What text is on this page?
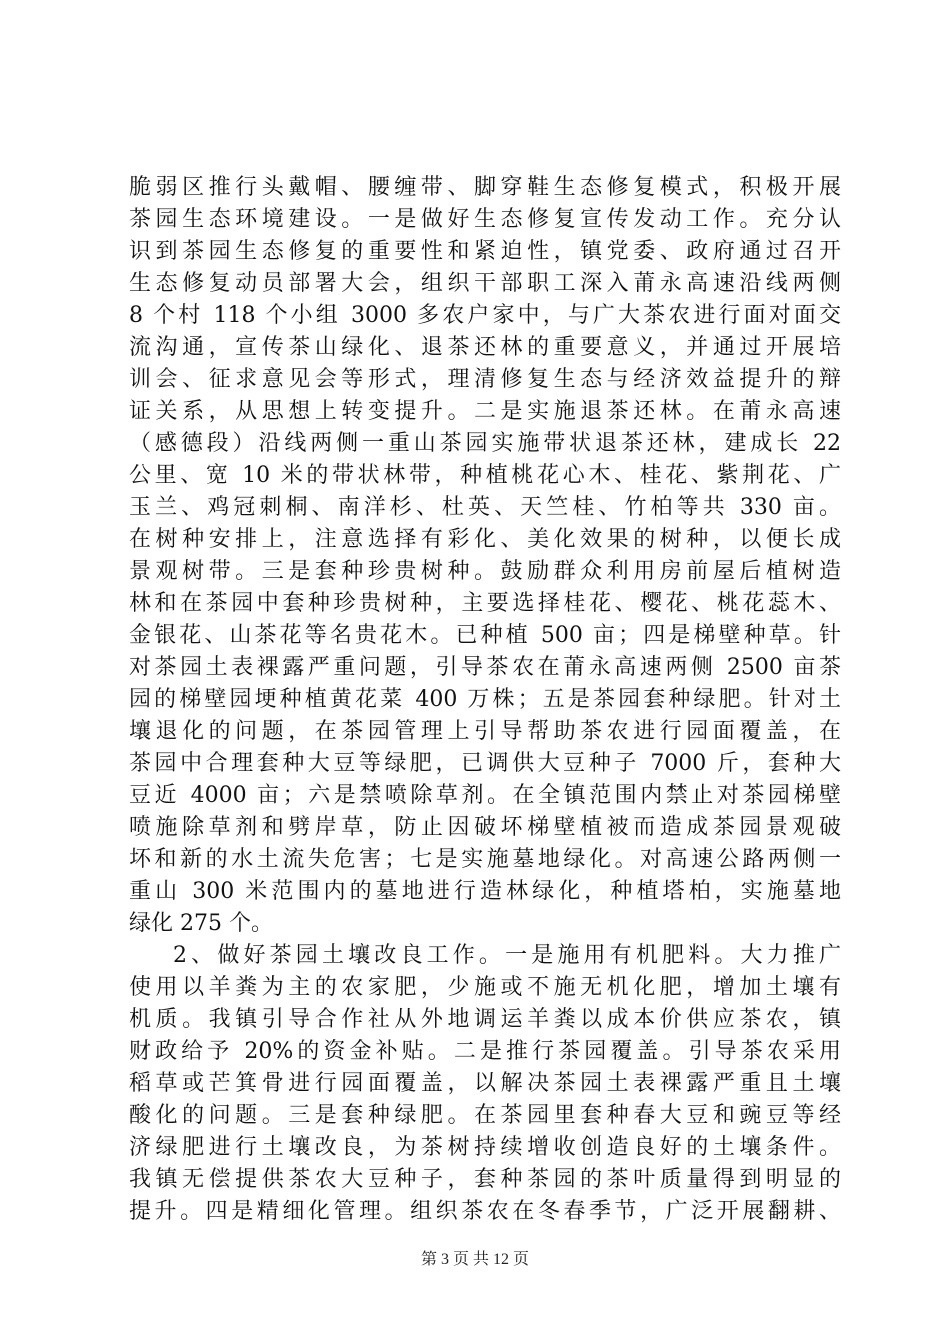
脆弱区推行头戴帽、腰缠带、脚穿鞋生态修复模式，积极开展
茶园生态环境建设。一是做好生态修复宣传发动工作。充分认
识到茶园生态修复的重要性和紧迫性，镇党委、政府通过召开
生态修复动员部署大会，组织干部职工深入莆永高速沿线两侧
8 个村 118 个小组 3000 多农户家中，与广大茶农进行面对面交
流沟通，宣传茶山绿化、退茶还林的重要意义，并通过开展培
训会、征求意见会等形式，理清修复生态与经济效益提升的辩
证关系，从思想上转变提升。二是实施退茶还林。在莆永高速
（感德段）沿线两侧一重山茶园实施带状退茶还林，建成长 22
公里、宽 10 米的带状林带，种植桃花心木、桂花、紫荆花、广
玉兰、鸡冠刺桐、南洋杉、杜英、天竺桂、竹柏等共 330 亩。
在树种安排上，注意选择有彩化、美化效果的树种，以便长成
景观树带。三是套种珍贵树种。鼓励群众利用房前屋后植树造
林和在茶园中套种珍贵树种，主要选择桂花、樱花、桃花蕊木、
金银花、山茶花等名贵花木。已种植 500 亩；四是梯壁种草。针
对茶园土表裸露严重问题，引导茶农在莆永高速两侧 2500 亩茶
园的梯壁园埂种植黄花菜 400 万株；五是茶园套种绿肥。针对土
壤退化的问题，在茶园管理上引导帮助茶农进行园面覆盖，在
茶园中合理套种大豆等绿肥，已调供大豆种子 7000 斤，套种大
豆近 4000 亩；六是禁喷除草剂。在全镇范围内禁止对茶园梯壁
喷施除草剂和劈岸草，防止因破坏梯壁植被而造成茶园景观破
坏和新的水土流失危害；七是实施墓地绿化。对高速公路两侧一
重山 300 米范围内的墓地进行造林绿化，种植塔柏，实施墓地
绿化 275 个。
2、做好茶园土壤改良工作。一是施用有机肥料。大力推广
使用以羊粪为主的农家肥，少施或不施无机化肥，增加土壤有
机质。我镇引导合作社从外地调运羊粪以成本价供应茶农，镇
财政给予 20%的资金补贴。二是推行茶园覆盖。引导茶农采用
稻草或芒箕骨进行园面覆盖，以解决茶园土表裸露严重且土壤
酸化的问题。三是套种绿肥。在茶园里套种春大豆和豌豆等经
济绿肥进行土壤改良，为茶树持续增收创造良好的土壤条件。
我镇无偿提供茶农大豆种子，套种茶园的茶叶质量得到明显的
提升。四是精细化管理。组织茶农在冬春季节，广泛开展翻耕、
第 3 页 共 12 页
